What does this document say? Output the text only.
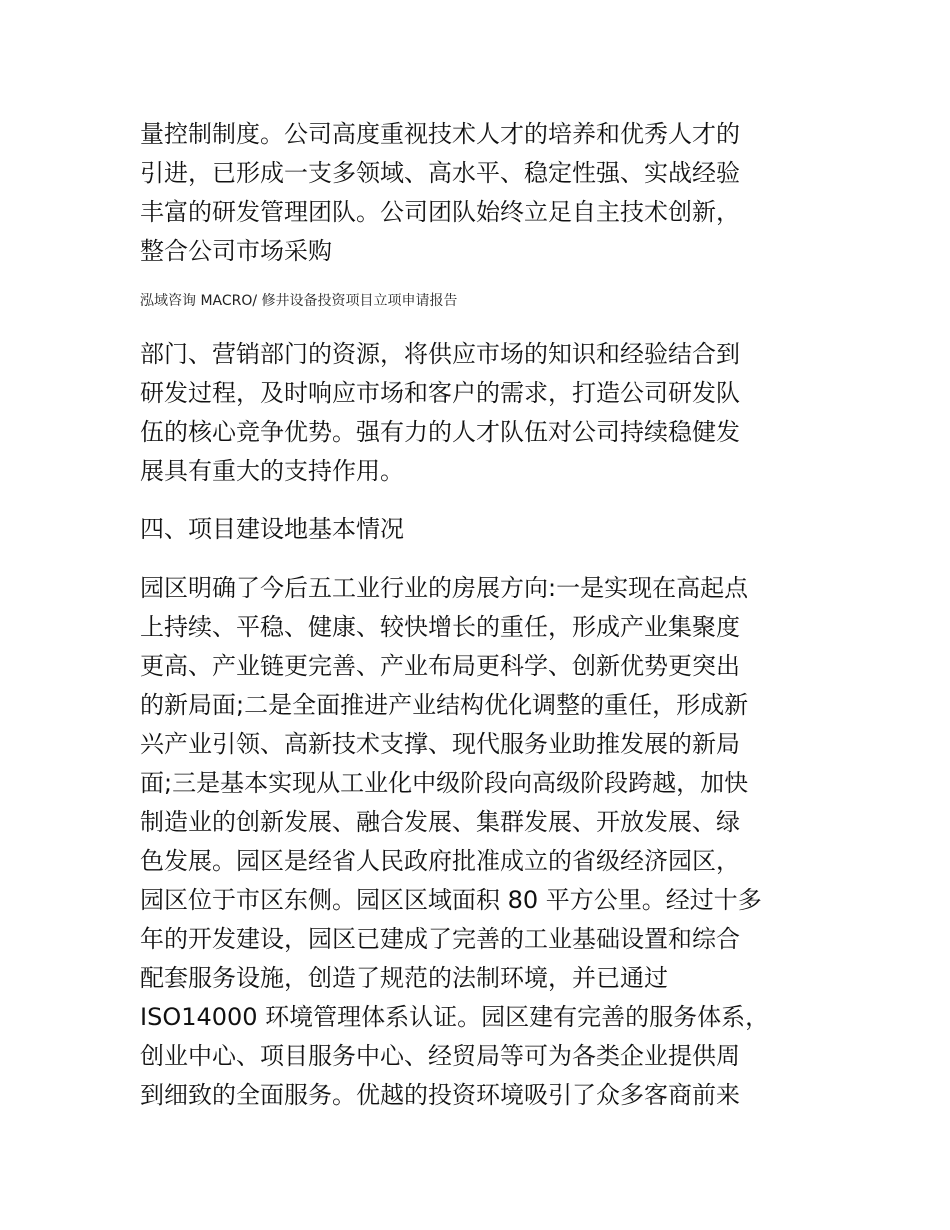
量控制制度。公司高度重视技术人才的培养和优秀人才的
引进，已形成一支多领域、高水平、稳定性强、实战经验
丰富的研发管理团队。公司团队始终立足自主技术创新，
整合公司市场采购

泓域咨询 MACRO/ 修井设备投资项目立项申请报告

部门、营销部门的资源，将供应市场的知识和经验结合到
研发过程，及时响应市场和客户的需求，打造公司研发队
伍的核心竞争优势。强有力的人才队伍对公司持续稳健发
展具有重大的支持作用。
四、项目建设地基本情况
园区明确了今后五工业行业的房展方向:一是实现在高起点
上持续、平稳、健康、较快增长的重任，形成产业集聚度
更高、产业链更完善、产业布局更科学、创新优势更突出
的新局面;二是全面推进产业结构优化调整的重任，形成新
兴产业引领、高新技术支撑、现代服务业助推发展的新局
面;三是基本实现从工业化中级阶段向高级阶段跨越，加快
制造业的创新发展、融合发展、集群发展、开放发展、绿
色发展。园区是经省人民政府批准成立的省级经济园区，
园区位于市区东侧。园区区域面积 80 平方公里。经过十多
年的开发建设，园区已建成了完善的工业基础设置和综合
配套服务设施，创造了规范的法制环境，并已通过
ISO14000 环境管理体系认证。园区建有完善的服务体系，
创业中心、项目服务中心、经贸局等可为各类企业提供周
到细致的全面服务。优越的投资环境吸引了众多客商前来
